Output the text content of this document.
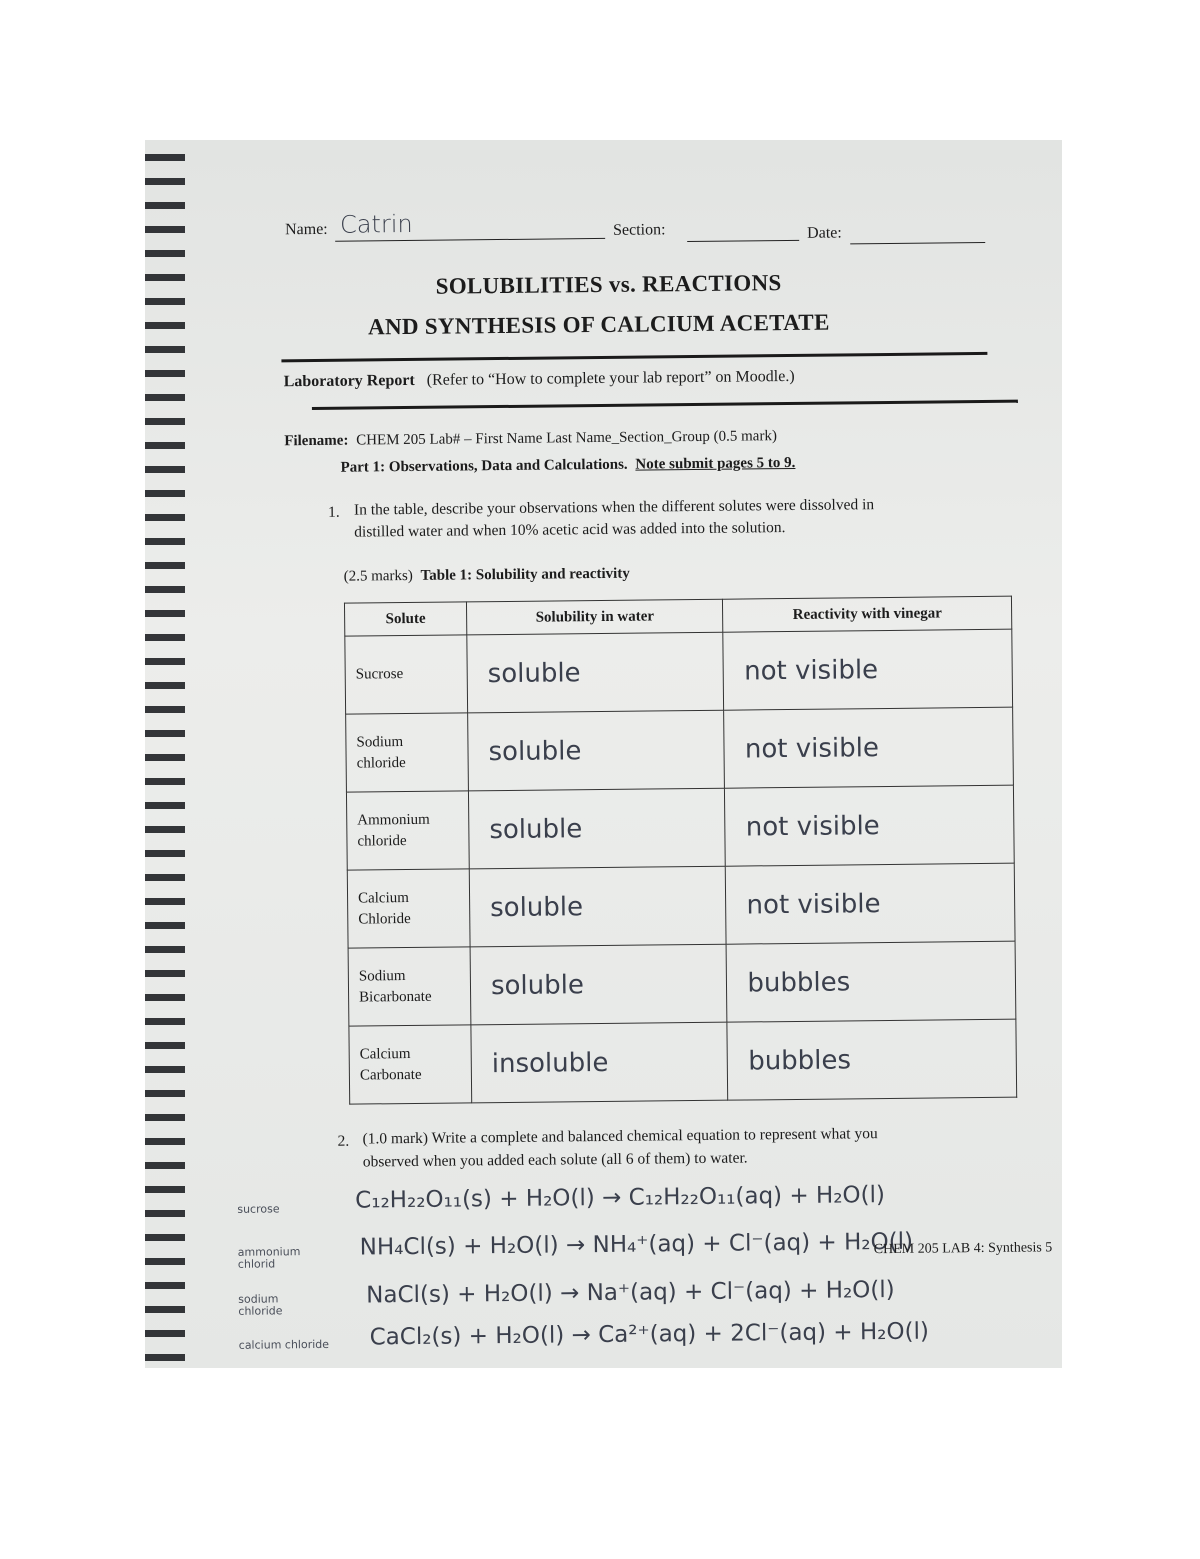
Name: Catrin	Section:	Date:
SOLUBILITIES vs. REACTIONS
AND SYNTHESIS OF CALCIUM ACETATE
Laboratory Report (Refer to “How to complete your lab report” on Moodle.)
Filename: CHEM 205 Lab# – First Name Last Name_Section_Group (0.5 mark)
Part 1: Observations, Data and Calculations. Note submit pages 5 to 9.
1. In the table, describe your observations when the different solutes were dissolved in
distilled water and when 10% acetic acid was added into the solution.
(2.5 marks) Table 1: Solubility and reactivity
Solute	Solubility in water	Reactivity with vinegar
Sucrose	soluble	not visible
Sodium
chloride	soluble	not visible
Ammonium
chloride	soluble	not visible
Calcium
Chloride	soluble	not visible
Sodium
Bicarbonate	soluble	bubbles
Calcium
Carbonate	insoluble	bubbles
2. (1.0 mark) Write a complete and balanced chemical equation to represent what you
observed when you added each solute (all 6 of them) to water.
sucrose	C₁₂H₂₂O₁₁(s) + H₂O(l) → C₁₂H₂₂O₁₁(aq) + H₂O(l)
ammonium chlorid
NH₄Cl(s) + H₂O(l) → NH₄⁺(aq) + Cl⁻(aq) + H₂O(l)
CHEM 205 LAB 4: Synthesis 5
sodium chloride
NaCl(s) + H₂O(l) → Na⁺(aq) + Cl⁻(aq) + H₂O(l)
calcium chloride CaCl₂(s) + H₂O(l) → Ca²⁺(aq) + 2Cl⁻(aq) + H₂O(l)
